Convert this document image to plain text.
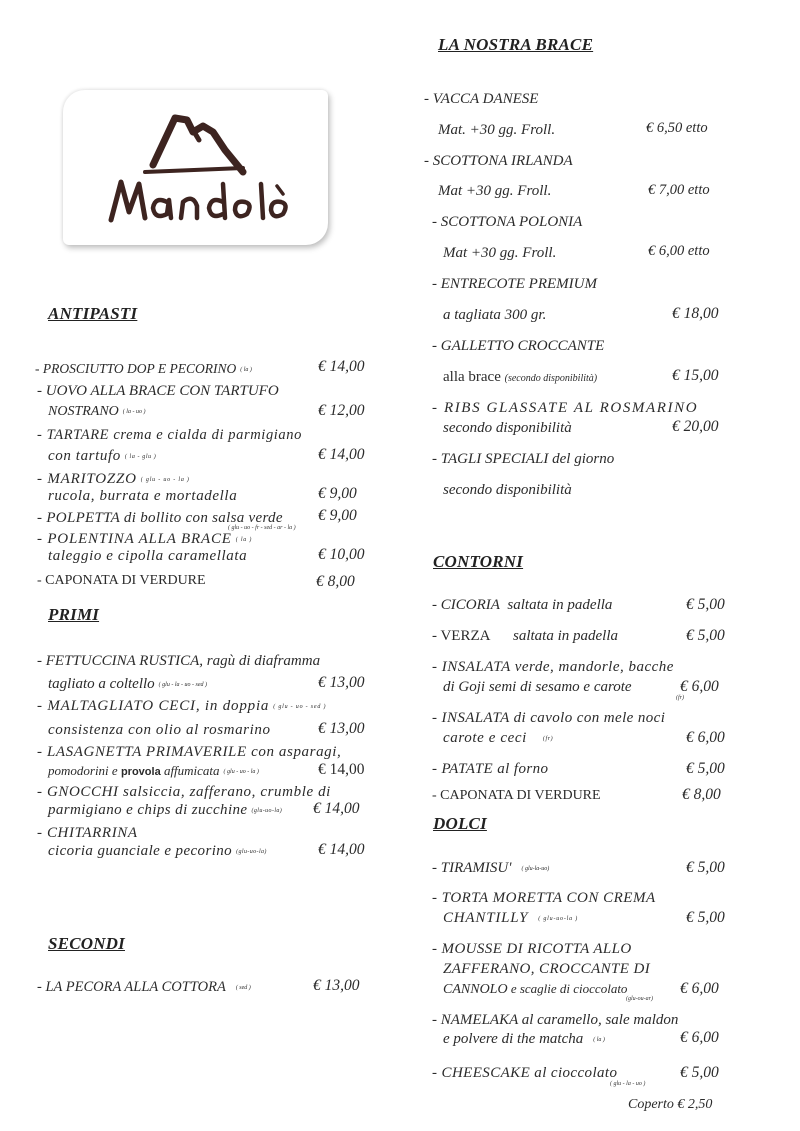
ANTIPASTI
- PROSCIUTTO DOP E PECORINO ( la )	€ 14,00
- UOVO ALLA BRACE CON TARTUFO
NOSTRANO ( la - uo )	€ 12,00
- TARTARE crema e cialda di parmigiano
con tartufo ( la - glu )	€ 14,00
- MARITOZZO ( glu - uo - la )
rucola, burrata e mortadella	€ 9,00
- POLPETTA di bollito con salsa verde
( glu - uo - fr - sed - ar - la )
€ 9,00
- POLENTINA ALLA BRACE ( la )
taleggio e cipolla caramellata	€ 10,00
- CAPONATA DI VERDURE	€ 8,00
PRIMI
- FETTUCCINA RUSTICA, ragù di diaframma
tagliato a coltello ( glu - la - uo - sed )	€ 13,00
- MALTAGLIATO CECI, in doppia ( glu - uo - sed )
consistenza con olio al rosmarino	€ 13,00
- LASAGNETTA PRIMAVERILE con asparagi,
pomodorini e provola affumicata ( glu - uo - la )	€ 14,00
- GNOCCHI salsiccia, zafferano, crumble di
parmigiano e chips di zucchine (glu-uo-la) € 14,00
- CHITARRINA
cicoria guanciale e pecorino (glu-uo-la)	€ 14,00
SECONDI
- LA PECORA ALLA COTTORA ( sed )	€ 13,00
LA NOSTRA BRACE
- VACCA DANESE
Mat. +30 gg. Froll.	€ 6,50 etto
- SCOTTONA IRLANDA
Mat +30 gg. Froll.	€ 7,00 etto
- SCOTTONA POLONIA
Mat +30 gg. Froll.	€ 6,00 etto
- ENTRECOTE PREMIUM
a tagliata 300 gr.	€ 18,00
- GALLETTO CROCCANTE
alla brace (secondo disponibilità)	€ 15,00
- RIBS GLASSATE AL ROSMARINO
secondo disponibilità	€ 20,00
- TAGLI SPECIALI del giorno
secondo disponibilità
CONTORNI
- CICORIA saltata in padella	€ 5,00
- VERZA saltata in padella	€ 5,00
- INSALATA verde, mandorle, bacche
di Goji semi di sesamo e carote
(fr)
€ 6,00
- INSALATA di cavolo con mele noci
carote e ceci	(fr)	€ 6,00
- PATATE al forno	€ 5,00
- CAPONATA DI VERDURE	€ 8,00
DOLCI
- TIRAMISU' ( glu-la-uo)	€ 5,00
- TORTA MORETTA CON CREMA
CHANTILLY ( glu-uo-la )	€ 5,00
- MOUSSE DI RICOTTA ALLO
ZAFFERANO, CROCCANTE DI
CANNOLO e scaglie di cioccolato
(glu-ou-ar)
€ 6,00
- NAMELAKA al caramello, sale maldon
e polvere di the matcha ( la )	€ 6,00
- CHEESCAKE al cioccolato
( glu - la - uo )
€ 5,00
Coperto € 2,50
